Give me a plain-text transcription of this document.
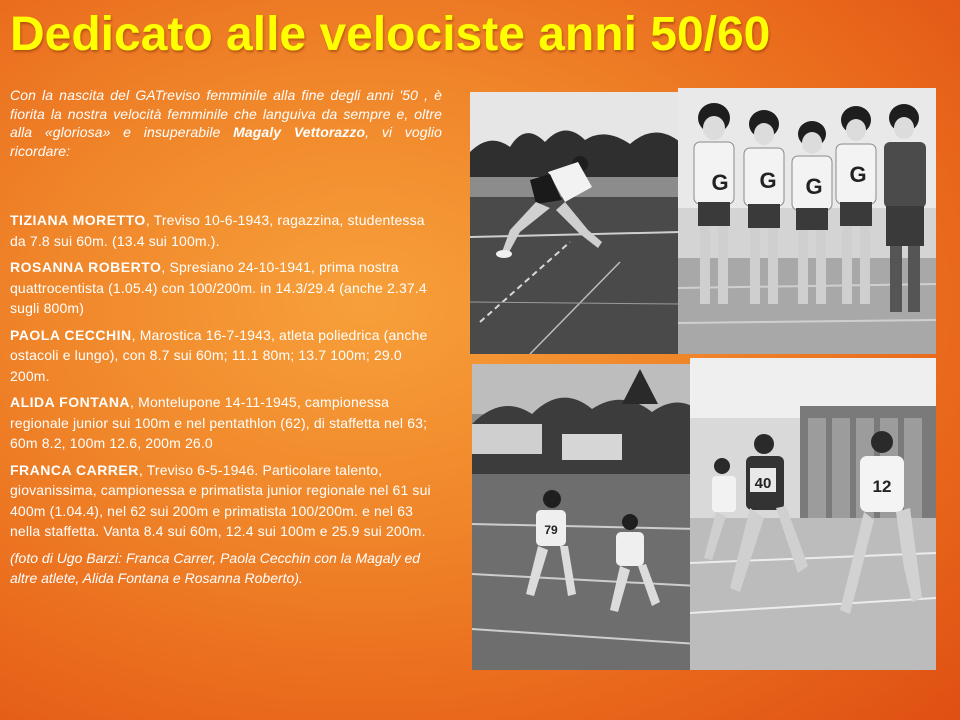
Dedicato alle velociste anni 50/60

Con la nascita del GATreviso femminile alla fine degli anni '50 , è fiorita la nostra velocità femminile che languiva da sempre e, oltre alla «gloriosa» e insuperabile Magaly Vettorazzo, vi voglio ricordare:

TIZIANA MORETTO, Treviso 10-6-1943, ragazzina, studentessa da 7.8 sui 60m. (13.4 sui 100m.).

ROSANNA ROBERTO, Spresiano 24-10-1941, prima nostra quattrocentista (1.05.4) con 100/200m. in 14.3/29.4 (anche 2.37.4 sugli 800m)

PAOLA CECCHIN, Marostica 16-7-1943, atleta poliedrica (anche ostacoli e lungo), con 8.7 sui 60m; 11.1 80m; 13.7 100m; 29.0 200m.

ALIDA FONTANA, Montelupone 14-11-1945, campionessa regionale junior sui 100m e nel pentathlon (62), di staffetta nel 63; 60m 8.2, 100m 12.6, 200m 26.0

FRANCA CARRER, Treviso 6-5-1946. Particolare talento, giovanissima, campionessa e primatista junior regionale nel 61 sui 400m (1.04.4), nel 62 sui 200m e primatista 100/200m. e nel 63 nella staffetta. Vanta 8.4 sui 60m, 12.4 sui 100m e 25.9 sui 200m.

(foto di Ugo Barzi: Franca Carrer, Paola Cecchin con la Magaly ed altre atlete, Alida Fontana e Rosanna Roberto).

G G G G
79
40	12
